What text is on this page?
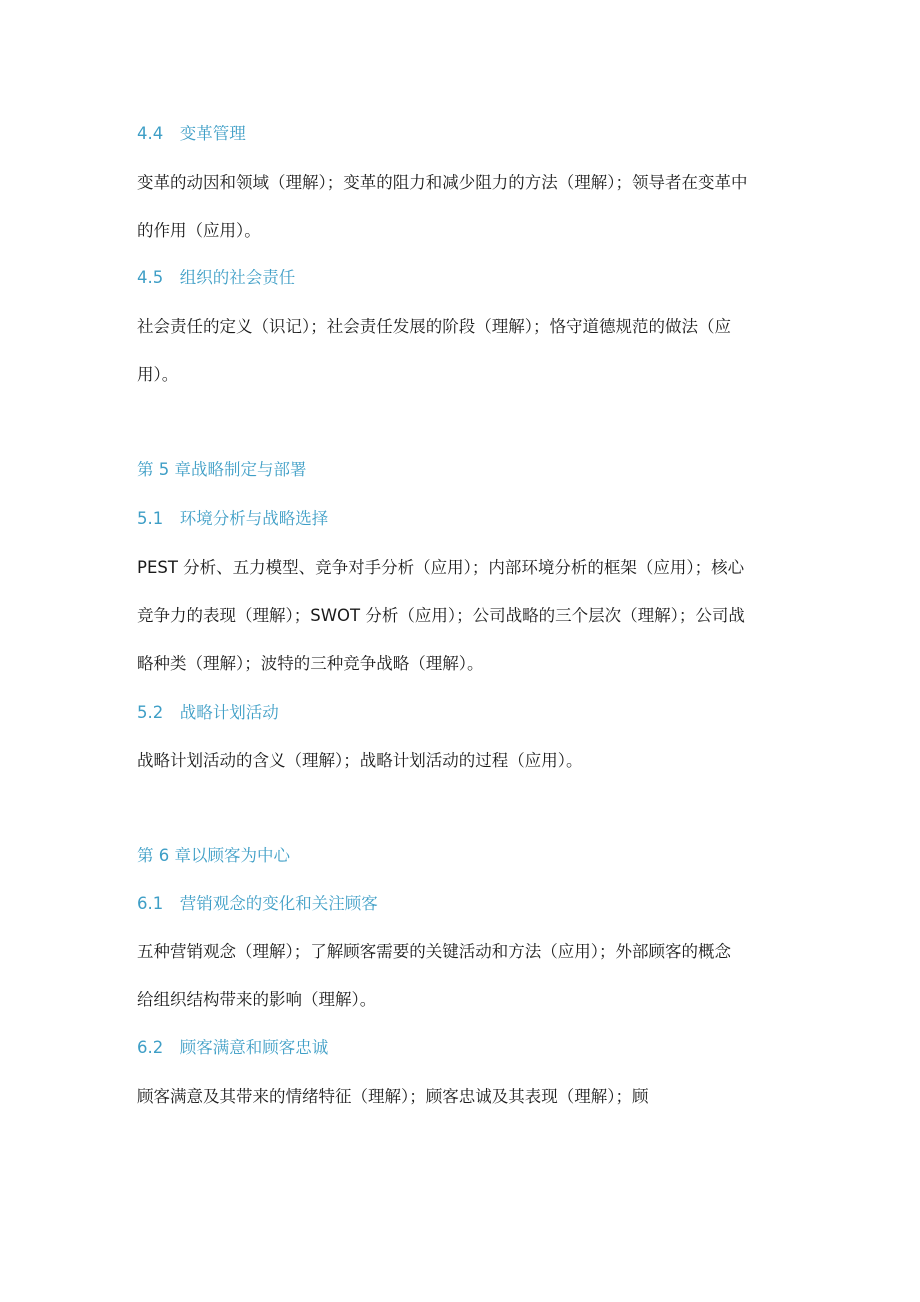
4.4　变革管理
变革的动因和领域（理解）；变革的阻力和减少阻力的方法（理解）；领导者在变革中
的作用（应用）。
4.5　组织的社会责任
社会责任的定义（识记）；社会责任发展的阶段（理解）；恪守道德规范的做法（应
用）。
第 5 章战略制定与部署
5.1　环境分析与战略选择
PEST 分析、五力模型、竞争对手分析（应用）；内部环境分析的框架（应用）；核心
竞争力的表现（理解）；SWOT 分析（应用）；公司战略的三个层次（理解）；公司战
略种类（理解）；波特的三种竞争战略（理解）。
5.2　战略计划活动
战略计划活动的含义（理解）；战略计划活动的过程（应用）。
第 6 章以顾客为中心
6.1　营销观念的变化和关注顾客
五种营销观念（理解）；了解顾客需要的关键活动和方法（应用）；外部顾客的概念
给组织结构带来的影响（理解）。
6.2　顾客满意和顾客忠诚
顾客满意及其带来的情绪特征（理解）；顾客忠诚及其表现（理解）；顾
